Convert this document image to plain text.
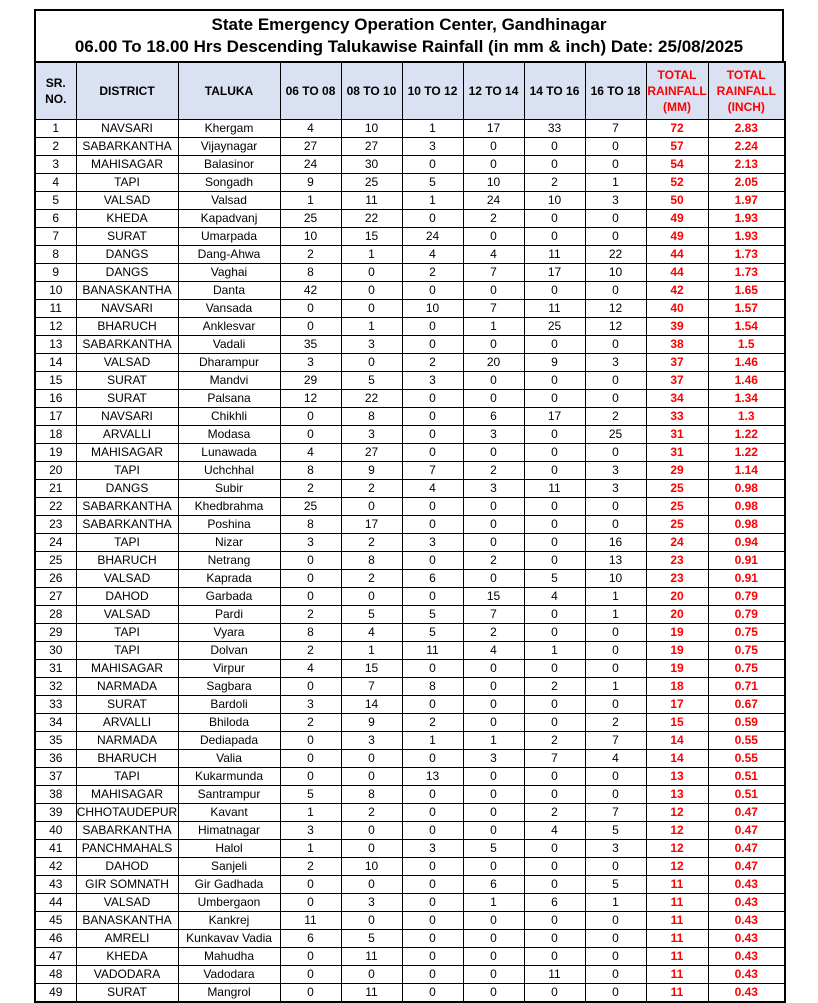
State Emergency Operation Center, Gandhinagar
06.00 To 18.00 Hrs Descending Talukawise Rainfall (in mm & inch) Date: 25/08/2025
SR. NO.	DISTRICT	TALUKA	06 TO 08	08 TO 10	10 TO 12	12 TO 14	14 TO 16	16 TO 18	TOTAL RAINFALL (MM)	TOTAL RAINFALL (INCH)
1	NAVSARI	Khergam	4	10	1	17	33	7	72	2.83
2	SABARKANTHA	Vijaynagar	27	27	3	0	0	0	57	2.24
3	MAHISAGAR	Balasinor	24	30	0	0	0	0	54	2.13
4	TAPI	Songadh	9	25	5	10	2	1	52	2.05
5	VALSAD	Valsad	1	11	1	24	10	3	50	1.97
6	KHEDA	Kapadvanj	25	22	0	2	0	0	49	1.93
7	SURAT	Umarpada	10	15	24	0	0	0	49	1.93
8	DANGS	Dang-Ahwa	2	1	4	4	11	22	44	1.73
9	DANGS	Vaghai	8	0	2	7	17	10	44	1.73
10	BANASKANTHA	Danta	42	0	0	0	0	0	42	1.65
11	NAVSARI	Vansada	0	0	10	7	11	12	40	1.57
12	BHARUCH	Anklesvar	0	1	0	1	25	12	39	1.54
13	SABARKANTHA	Vadali	35	3	0	0	0	0	38	1.5
14	VALSAD	Dharampur	3	0	2	20	9	3	37	1.46
15	SURAT	Mandvi	29	5	3	0	0	0	37	1.46
16	SURAT	Palsana	12	22	0	0	0	0	34	1.34
17	NAVSARI	Chikhli	0	8	0	6	17	2	33	1.3
18	ARVALLI	Modasa	0	3	0	3	0	25	31	1.22
19	MAHISAGAR	Lunawada	4	27	0	0	0	0	31	1.22
20	TAPI	Uchchhal	8	9	7	2	0	3	29	1.14
21	DANGS	Subir	2	2	4	3	11	3	25	0.98
22	SABARKANTHA	Khedbrahma	25	0	0	0	0	0	25	0.98
23	SABARKANTHA	Poshina	8	17	0	0	0	0	25	0.98
24	TAPI	Nizar	3	2	3	0	0	16	24	0.94
25	BHARUCH	Netrang	0	8	0	2	0	13	23	0.91
26	VALSAD	Kaprada	0	2	6	0	5	10	23	0.91
27	DAHOD	Garbada	0	0	0	15	4	1	20	0.79
28	VALSAD	Pardi	2	5	5	7	0	1	20	0.79
29	TAPI	Vyara	8	4	5	2	0	0	19	0.75
30	TAPI	Dolvan	2	1	11	4	1	0	19	0.75
31	MAHISAGAR	Virpur	4	15	0	0	0	0	19	0.75
32	NARMADA	Sagbara	0	7	8	0	2	1	18	0.71
33	SURAT	Bardoli	3	14	0	0	0	0	17	0.67
34	ARVALLI	Bhiloda	2	9	2	0	0	2	15	0.59
35	NARMADA	Dediapada	0	3	1	1	2	7	14	0.55
36	BHARUCH	Valia	0	0	0	3	7	4	14	0.55
37	TAPI	Kukarmunda	0	0	13	0	0	0	13	0.51
38	MAHISAGAR	Santrampur	5	8	0	0	0	0	13	0.51
39	CHHOTAUDEPUR	Kavant	1	2	0	0	2	7	12	0.47
40	SABARKANTHA	Himatnagar	3	0	0	0	4	5	12	0.47
41	PANCHMAHALS	Halol	1	0	3	5	0	3	12	0.47
42	DAHOD	Sanjeli	2	10	0	0	0	0	12	0.47
43	GIR SOMNATH	Gir Gadhada	0	0	0	6	0	5	11	0.43
44	VALSAD	Umbergaon	0	3	0	1	6	1	11	0.43
45	BANASKANTHA	Kankrej	11	0	0	0	0	0	11	0.43
46	AMRELI	Kunkavav Vadia	6	5	0	0	0	0	11	0.43
47	KHEDA	Mahudha	0	11	0	0	0	0	11	0.43
48	VADODARA	Vadodara	0	0	0	0	11	0	11	0.43
49	SURAT	Mangrol	0	11	0	0	0	0	11	0.43
